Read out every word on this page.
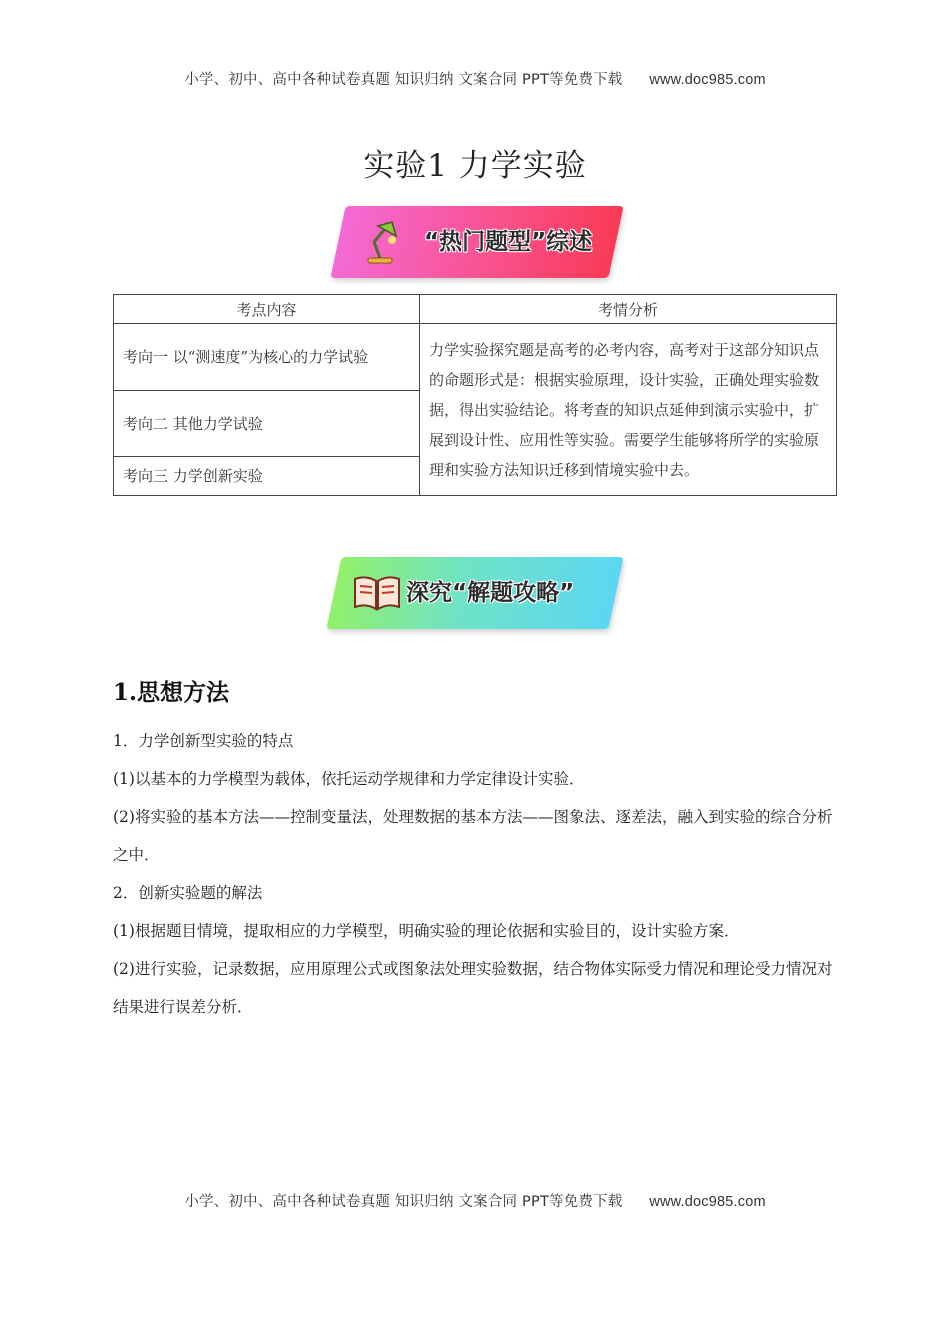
小学、初中、高中各种试卷真题 知识归纳 文案合同 PPT等免费下载 www.doc985.com
实验1 力学实验
“热门题型”综述
考点内容	考情分析
考向一 以“测速度”为核心的力学试验	力学实验探究题是高考的必考内容，高考对于这部分知识点的命题形式是：根据实验原理，设计实验，正确处理实验数据，得出实验结论。将考查的知识点延伸到演示实验中，扩展到设计性、应用性等实验。需要学生能够将所学的实验原理和实验方法知识迁移到情境实验中去。
考向二 其他力学试验	
考向三 力学创新实验	
深究“解题攻略”
1.思想方法

1．力学创新型实验的特点

(1)以基本的力学模型为载体，依托运动学规律和力学定律设计实验．

(2)将实验的基本方法——控制变量法，处理数据的基本方法——图象法、逐差法，融入到实验的综合分析之中．

2．创新实验题的解法

(1)根据题目情境，提取相应的力学模型，明确实验的理论依据和实验目的，设计实验方案．

(2)进行实验，记录数据，应用原理公式或图象法处理实验数据，结合物体实际受力情况和理论受力情况对结果进行误差分析．

小学、初中、高中各种试卷真题 知识归纳 文案合同 PPT等免费下载 www.doc985.com
